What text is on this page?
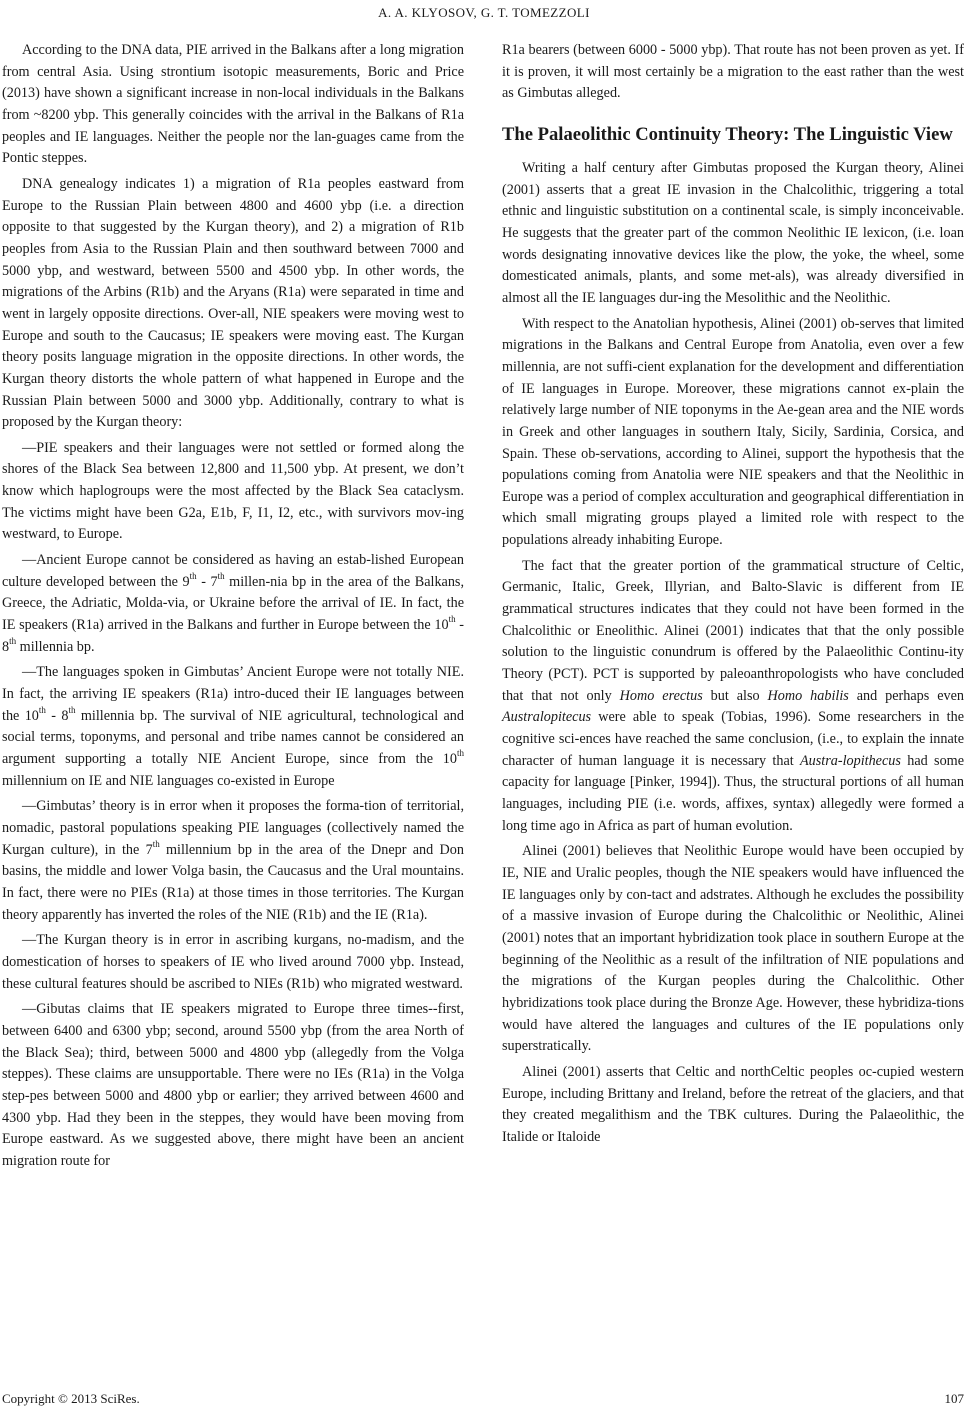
A. A. KLYOSOV, G. T. TOMEZZOLI

According to the DNA data, PIE arrived in the Balkans after a long migration from central Asia. Using strontium isotopic measurements, Boric and Price (2013) have shown a significant increase in non-local individuals in the Balkans from ~8200 ybp. This generally coincides with the arrival in the Balkans of R1a peoples and IE languages. Neither the people nor the lan-guages came from the Pontic steppes.

DNA genealogy indicates 1) a migration of R1a peoples eastward from Europe to the Russian Plain between 4800 and 4600 ybp (i.e. a direction opposite to that suggested by the Kurgan theory), and 2) a migration of R1b peoples from Asia to the Russian Plain and then southward between 7000 and 5000 ybp, and westward, between 5500 and 4500 ybp. In other words, the migrations of the Arbins (R1b) and the Aryans (R1a) were separated in time and went in largely opposite directions. Over-all, NIE speakers were moving west to Europe and south to the Caucasus; IE speakers were moving east. The Kurgan theory posits language migration in the opposite directions. In other words, the Kurgan theory distorts the whole pattern of what happened in Europe and the Russian Plain between 5000 and 3000 ybp. Additionally, contrary to what is proposed by the Kurgan theory:

—PIE speakers and their languages were not settled or formed along the shores of the Black Sea between 12,800 and 11,500 ybp. At present, we don’t know which haplogroups were the most affected by the Black Sea cataclysm. The victims might have been G2a, E1b, F, I1, I2, etc., with survivors mov-ing westward, to Europe.

—Ancient Europe cannot be considered as having an estab-lished European culture developed between the 9th - 7th millen-nia bp in the area of the Balkans, Greece, the Adriatic, Molda-via, or Ukraine before the arrival of IE. In fact, the IE speakers (R1a) arrived in the Balkans and further in Europe between the 10th - 8th millennia bp.

—The languages spoken in Gimbutas’ Ancient Europe were not totally NIE. In fact, the arriving IE speakers (R1a) intro-duced their IE languages between the 10th - 8th millennia bp. The survival of NIE agricultural, technological and social terms, toponyms, and personal and tribe names cannot be considered an argument supporting a totally NIE Ancient Europe, since from the 10th millennium on IE and NIE languages co-existed in Europe

—Gimbutas’ theory is in error when it proposes the forma-tion of territorial, nomadic, pastoral populations speaking PIE languages (collectively named the Kurgan culture), in the 7th millennium bp in the area of the Dnepr and Don basins, the middle and lower Volga basin, the Caucasus and the Ural mountains. In fact, there were no PIEs (R1a) at those times in those territories. The Kurgan theory apparently has inverted the roles of the NIE (R1b) and the IE (R1a).

—The Kurgan theory is in error in ascribing kurgans, no-madism, and the domestication of horses to speakers of IE who lived around 7000 ybp. Instead, these cultural features should be ascribed to NIEs (R1b) who migrated westward.

—Gibutas claims that IE speakers migrated to Europe three times--first, between 6400 and 6300 ybp; second, around 5500 ybp (from the area North of the Black Sea); third, between 5000 and 4800 ybp (allegedly from the Volga steppes). These claims are unsupportable. There were no IEs (R1a) in the Volga step-pes between 5000 and 4800 ybp or earlier; they arrived between 4600 and 4300 ybp. Had they been in the steppes, they would have been moving from Europe eastward. As we suggested above, there might have been an ancient migration route for

R1a bearers (between 6000 - 5000 ybp). That route has not been proven as yet. If it is proven, it will most certainly be a migration to the east rather than the west as Gimbutas alleged.

The Palaeolithic Continuity Theory: The Linguistic View

Writing a half century after Gimbutas proposed the Kurgan theory, Alinei (2001) asserts that a great IE invasion in the Chalcolithic, triggering a total ethnic and linguistic substitution on a continental scale, is simply inconceivable. He suggests that the greater part of the common Neolithic IE lexicon, (i.e. loan words designating innovative devices like the plow, the yoke, the wheel, some domesticated animals, plants, and some met-als), was already diversified in almost all the IE languages dur-ing the Mesolithic and the Neolithic.

With respect to the Anatolian hypothesis, Alinei (2001) ob-serves that limited migrations in the Balkans and Central Europe from Anatolia, even over a few millennia, are not suffi-cient explanation for the development and differentiation of IE languages in Europe. Moreover, these migrations cannot ex-plain the relatively large number of NIE toponyms in the Ae-gean area and the NIE words in Greek and other languages in southern Italy, Sicily, Sardinia, Corsica, and Spain. These ob-servations, according to Alinei, support the hypothesis that the populations coming from Anatolia were NIE speakers and that the Neolithic in Europe was a period of complex acculturation and geographical differentiation in which small migrating groups played a limited role with respect to the populations already inhabiting Europe.

The fact that the greater portion of the grammatical structure of Celtic, Germanic, Italic, Greek, Illyrian, and Balto-Slavic is different from IE grammatical structures indicates that they could not have been formed in the Chalcolithic or Eneolithic. Alinei (2001) indicates that that the only possible solution to the linguistic conundrum is offered by the Palaeolithic Continu-ity Theory (PCT). PCT is supported by paleoanthropologists who have concluded that that not only Homo erectus but also Homo habilis and perhaps even Australopitecus were able to speak (Tobias, 1996). Some researchers in the cognitive sci-ences have reached the same conclusion, (i.e., to explain the innate character of human language it is necessary that Austra-lopithecus had some capacity for language [Pinker, 1994]). Thus, the structural portions of all human languages, including PIE (i.e. words, affixes, syntax) allegedly were formed a long time ago in Africa as part of human evolution.

Alinei (2001) believes that Neolithic Europe would have been occupied by IE, NIE and Uralic peoples, though the NIE speakers would have influenced the IE languages only by con-tact and adstrates. Although he excludes the possibility of a massive invasion of Europe during the Chalcolithic or Neolithic, Alinei (2001) notes that an important hybridization took place in southern Europe at the beginning of the Neolithic as a result of the infiltration of NIE populations and the migrations of the Kurgan peoples during the Chalcolithic. Other hybridizations took place during the Bronze Age. However, these hybridiza-tions would have altered the languages and cultures of the IE populations only superstratically.

Alinei (2001) asserts that Celtic and northCeltic peoples oc-cupied western Europe, including Brittany and Ireland, before the retreat of the glaciers, and that they created megalithism and the TBK cultures. During the Palaeolithic, the Italide or Italoide

Copyright © 2013 SciRes.	107
